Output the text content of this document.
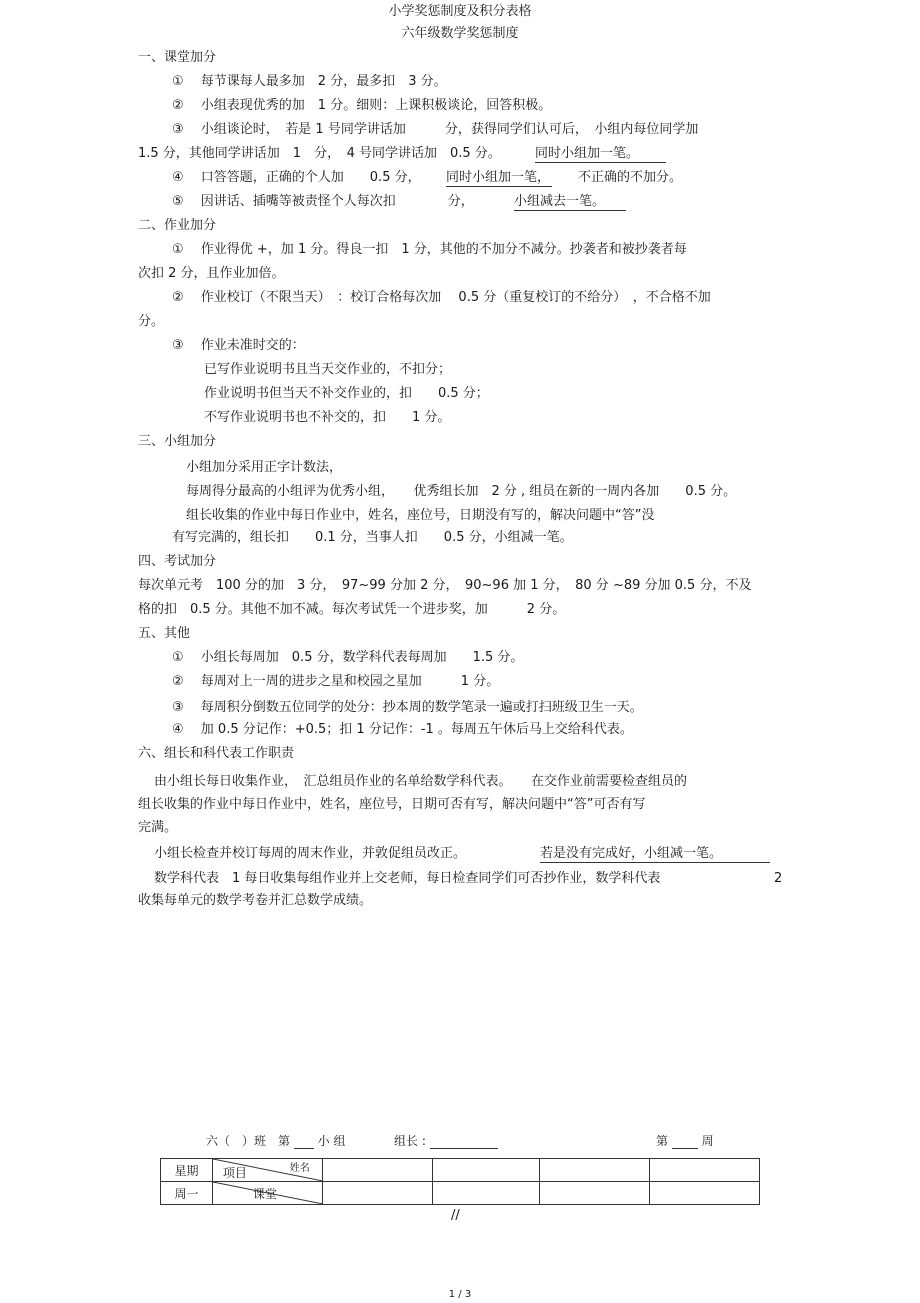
小学奖惩制度及积分表格
六年级数学奖惩制度
一、课堂加分
①　 每节课每人最多加　2 分，最多扣　3 分。
②　 小组表现优秀的加　1 分。细则：上课积极谈论，回答积极。
③　 小组谈论时，　若是 1 号同学讲话加　　　分，获得同学们认可后，　小组内每位同学加
1.5 分，其他同学讲话加　1　分，　4 号同学讲话加　0.5 分。	同时小组加一笔。
④　 口答答题，正确的个人加　　0.5 分， 同时小组加一笔， 不正确的不加分。
⑤　 因讲话、插嘴等被责怪个人每次扣　　　　分，	小组减去一笔。
二、作业加分
①　 作业得优 +，加 1 分。得良一扣　1 分，其他的不加分不减分。抄袭者和被抄袭者每
次扣 2 分，且作业加倍。
②　 作业校订（不限当天）　：校订合格每次加　 0.5 分（重复校订的不给分）　，不合格不加
分。
③　 作业未准时交的：
已写作业说明书且当天交作业的，不扣分；
作业说明书但当天不补交作业的，扣　　0.5 分；
不写作业说明书也不补交的，扣　　1 分。
三、小组加分
小组加分采用正字计数法，
每周得分最高的小组评为优秀小组，　　优秀组长加　2 分 , 组员在新的一周内各加　　0.5 分。
组长收集的作业中每日作业中，姓名，座位号，日期没有写的，解决问题中“答”没
有写完满的，组长扣　　0.1 分，当事人扣　　0.5 分，小组减一笔。
四、考试加分
每次单元考　100 分的加　3 分，　97~99 分加 2 分，　90~96 加 1 分，　80 分 ~89 分加 0.5 分，不及
格的扣　0.5 分。其他不加不减。每次考试凭一个进步奖，加　　　2 分。
五、其他
①　 小组长每周加　0.5 分，数学科代表每周加　　1.5 分。
②　 每周对上一周的进步之星和校园之星加　　　1 分。
③　 每周积分倒数五位同学的处分：抄本周的数学笔录一遍或打扫班级卫生一天。
④　 加 0.5 分记作：+0.5；扣 1 分记作：-1 。每周五午休后马上交给科代表。
六、组长和科代表工作职责
由小组长每日收集作业，　汇总组员作业的名单给数学科代表。　　在交作业前需要检查组员的
组长收集的作业中每日作业中，姓名，座位号，日期可否有写，解决问题中“答”可否有写
完满。
小组长检查并校订每周的周末作业，并敦促组员改正。	若是没有完成好，小组减一笔。
数学科代表　1 每日收集每组作业并上交老师，每日检查同学们可否抄作业，数学科代表	2
收集每单元的数学考卷并汇总数学成绩。
六（　）班　第 小 组	组长 :	第	周
星期	项目 姓名				

周一	课堂				

//
1 / 3
